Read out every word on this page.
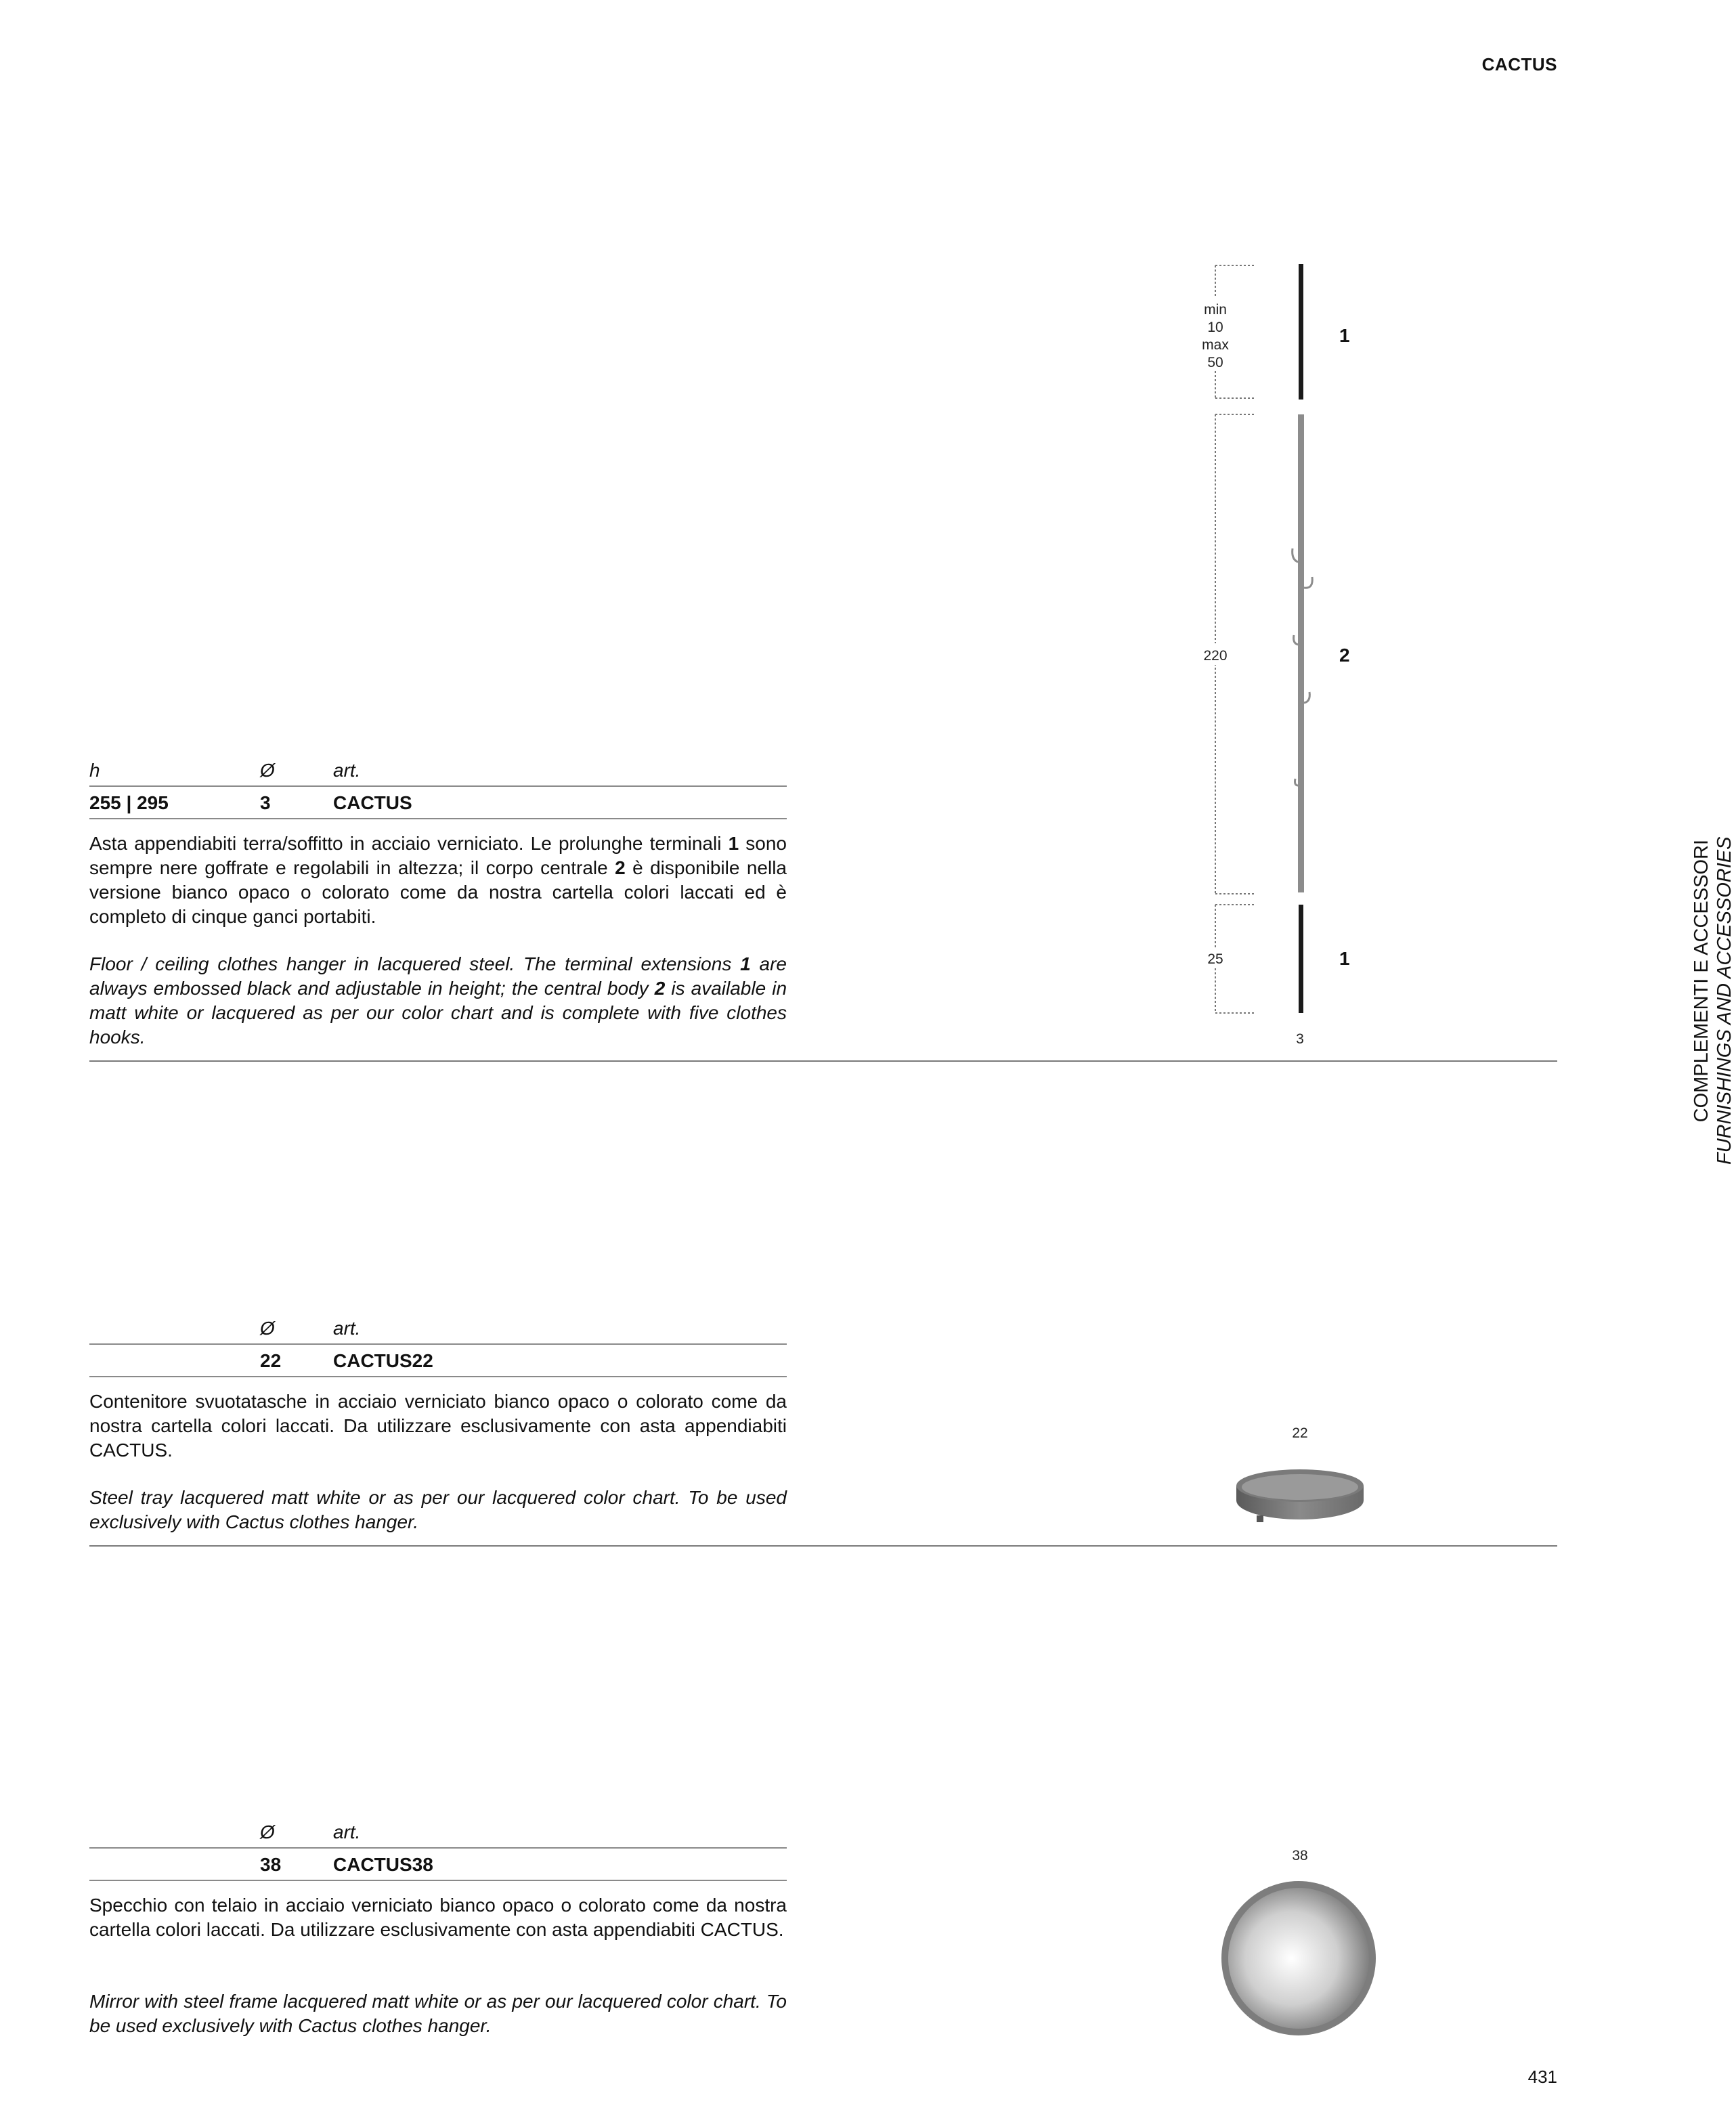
CACTUS
COMPLEMENTI E ACCESSORI FURNISHINGS AND ACCESSORIES
h	Ø	art.
255 | 295	3	CACTUS
Asta appendiabiti terra/soffitto in acciaio verniciato. Le prolunghe terminali 1 sono sempre nere goffrate e regolabili in altezza; il corpo centrale 2 è disponibile nella versione bianco opaco o colorato come da nostra cartella colori laccati ed è completo di cinque ganci portabiti.
Floor / ceiling clothes hanger in lacquered steel. The terminal extensions 1 are always embossed black and adjustable in height; the central body 2 is available in matt white or lacquered as per our color chart and is complete with five clothes hooks.
min
10
max
50
220
25
3
1
2
1
Ø	art.
22	CACTUS22
Contenitore svuotatasche in acciaio verniciato bianco opaco o colorato come da nostra cartella colori laccati. Da utilizzare esclusivamente con asta appendiabiti CACTUS.
Steel tray lacquered matt white or as per our lacquered color chart. To be used exclusively with Cactus clothes hanger.
22
Ø	art.
38	CACTUS38
Specchio con telaio in acciaio verniciato bianco opaco o colorato come da nostra cartella colori laccati. Da utilizzare esclusivamente con asta appendiabiti CACTUS.
Mirror with steel frame lacquered matt white or as per our lacquered color chart. To be used exclusively with Cactus clothes hanger.
38
431
